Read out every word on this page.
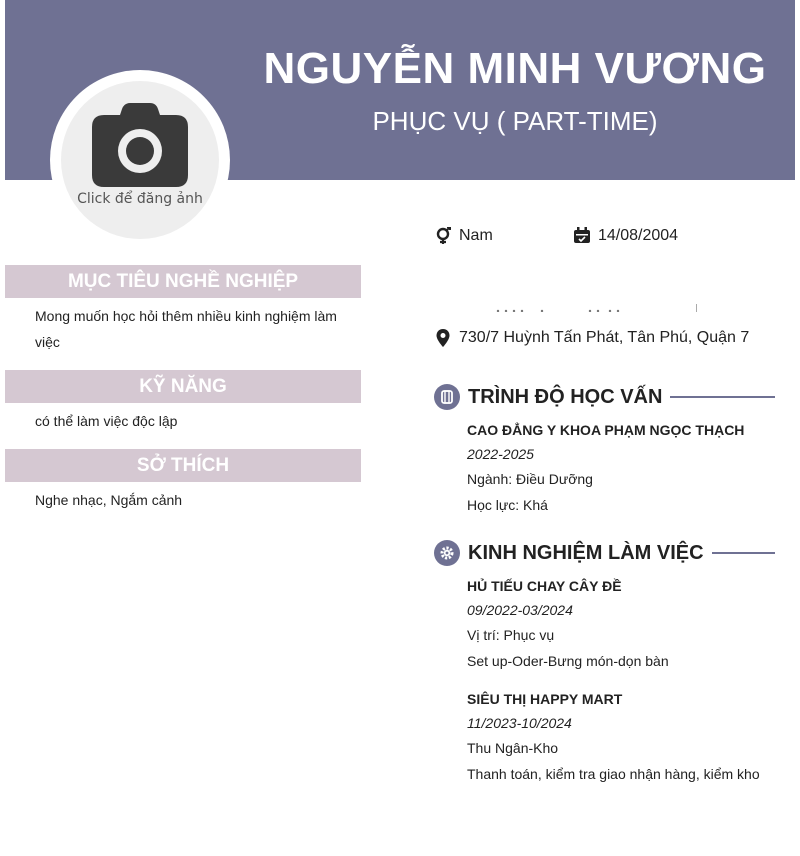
NGUYỄN MINH VƯƠNG
PHỤC VỤ ( PART-TIME)
Click để đăng ảnh
MỤC TIÊU NGHỀ NGHIỆP
Mong muốn học hỏi thêm nhiều kinh nghiệm làm việc
KỸ NĂNG
có thể làm việc độc lập
SỞ THÍCH
Nghe nhạc, Ngắm cảnh
Nam	14/08/2004
730/7 Huỳnh Tấn Phát, Tân Phú, Quận 7
TRÌNH ĐỘ HỌC VẤN
CAO ĐẲNG Y KHOA PHẠM NGỌC THẠCH
2022-2025
Ngành: Điều Dưỡng
Học lực: Khá
KINH NGHIỆM LÀM VIỆC
HỦ TIẾU CHAY CÂY ĐỀ
09/2022-03/2024
Vị trí: Phục vụ
Set up-Oder-Bưng món-dọn bàn
SIÊU THỊ HAPPY MART
11/2023-10/2024
Thu Ngân-Kho
Thanh toán, kiểm tra giao nhận hàng, kiểm kho
